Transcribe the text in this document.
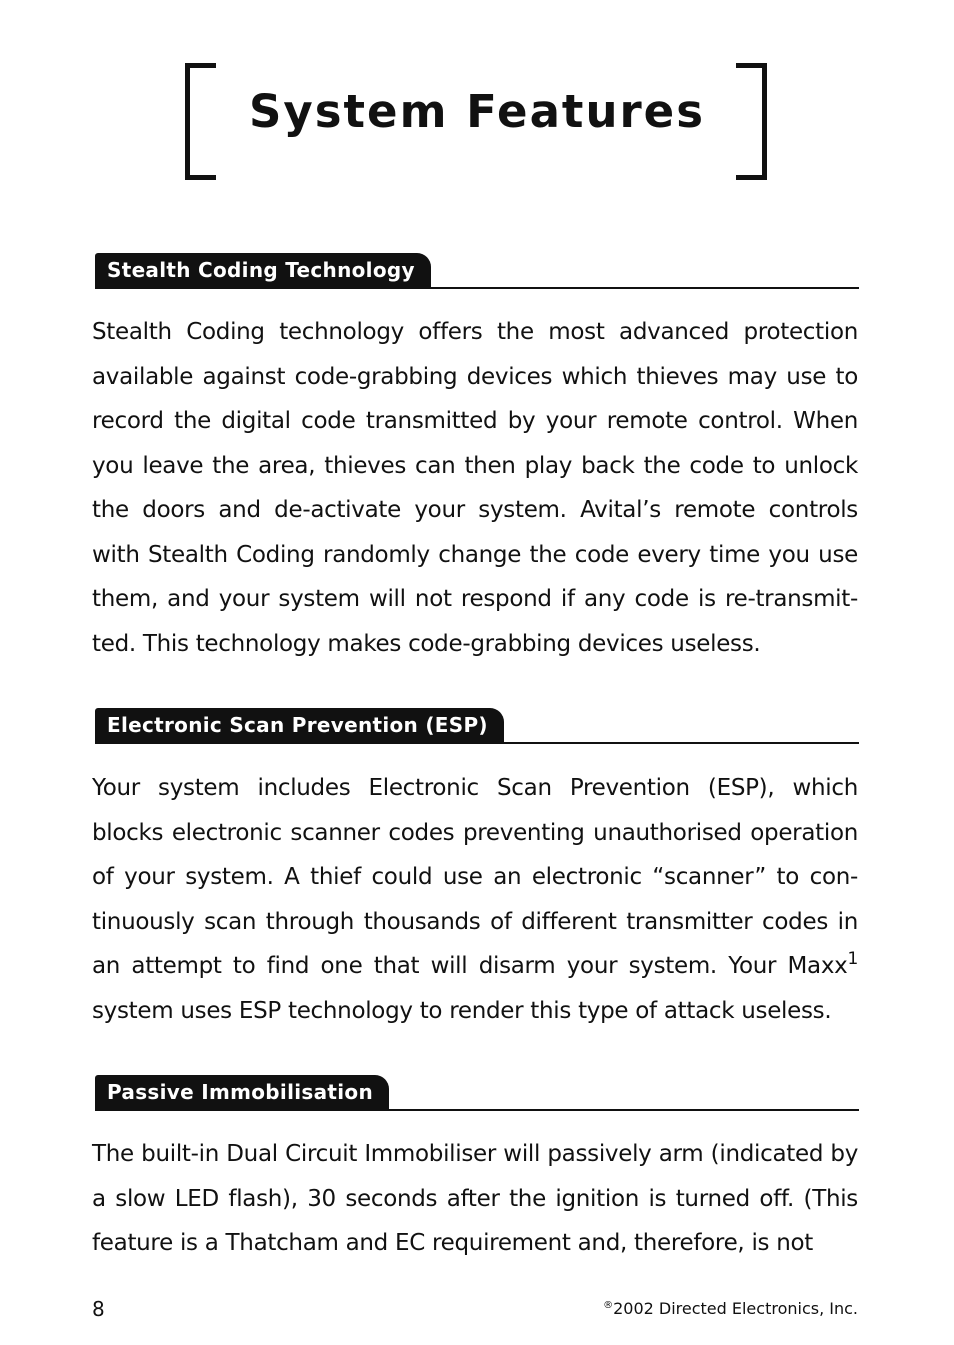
System Features
Stealth Coding Technology

Stealth Coding technology offers the most advanced protection available against code-grabbing devices which thieves may use to record the digital code transmitted by your remote control. When you leave the area, thieves can then play back the code to unlock the doors and de-activate your system. Avital’s remote controls with Stealth Coding randomly change the code every time you use them, and your system will not respond if any code is re-transmit-ted. This technology makes code-grabbing devices useless.

Electronic Scan Prevention (ESP)

Your system includes Electronic Scan Prevention (ESP), which blocks electronic scanner codes preventing unauthorised operation of your system. A thief could use an electronic “scanner” to con-tinuously scan through thousands of different transmitter codes in an attempt to find one that will disarm your system. Your Maxx$^1$ system uses ESP technology to render this type of attack useless.

Passive Immobilisation

The built-in Dual Circuit Immobiliser will passively arm (indicated by a slow LED flash), 30 seconds after the ignition is turned off. (This feature is a Thatcham and EC requirement and, therefore, is not

8	®2002 Directed Electronics, Inc.
